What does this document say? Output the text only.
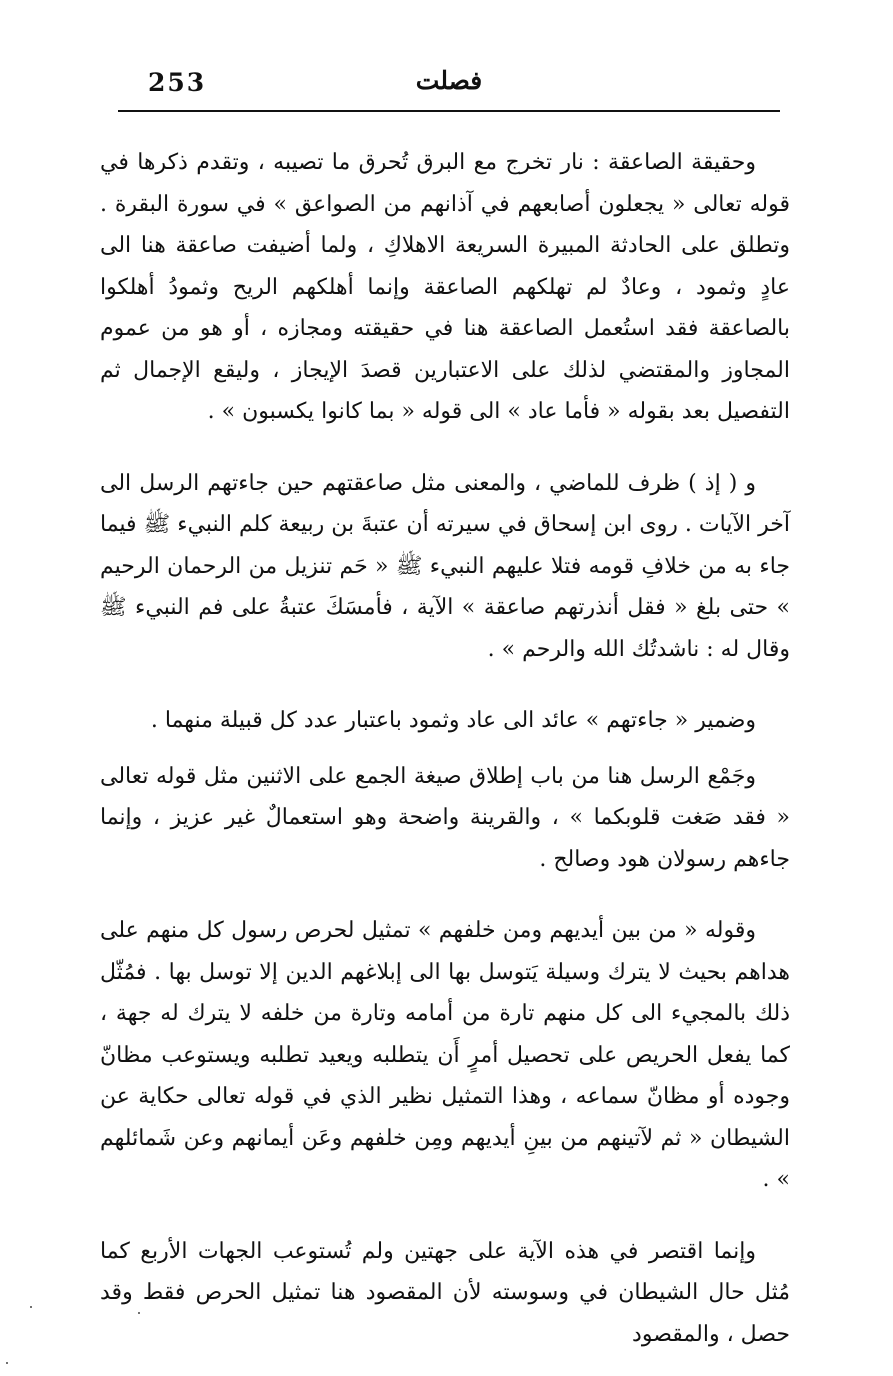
253	فصلت

وحقيقة الصاعقة : نار تخرج مع البرق تُحرق ما تصيبه ، وتقدم ذكرها في قوله تعالى « يجعلون أصابعهم في آذانهم من الصواعق » في سورة البقرة . وتطلق على الحادثة المبيرة السريعة الاهلاكِ ، ولما أضيفت صاعقة هنا الى عادٍ وثمود ، وعادٌ لم تهلكهم الصاعقة وإنما أهلكهم الريح وثمودُ أهلكوا بالصاعقة فقد استُعمل الصاعقة هنا في حقيقته ومجازه ، أو هو من عموم المجاوز والمقتضي لذلك على الاعتبارين قصدَ الإيجاز ، وليقع الإجمال ثم التفصيل بعد بقوله « فأما عاد » الى قوله « بما كانوا يكسبون » .

و ( إذ ) ظرف للماضي ، والمعنى مثل صاعقتهم حين جاءتهم الرسل الى آخر الآيات . روى ابن إسحاق في سيرته أن عتبةَ بن ربيعة كلم النبيء ﷺ فيما جاء به من خلافِ قومه فتلا عليهم النبيء ﷺ « حَم تنزيل من الرحمان الرحيم » حتى بلغ « فقل أنذرتهم صاعقة » الآية ، فأمسَكَ عتبةُ على فم النبيء ﷺ وقال له : ناشدتُك الله والرحم » .

وضمير « جاءتهم » عائد الى عاد وثمود باعتبار عدد كل قبيلة منهما .

وجَمْع الرسل هنا من باب إطلاق صيغة الجمع على الاثنين مثل قوله تعالى « فقد صَغت قلوبكما » ، والقرينة واضحة وهو استعمالٌ غير عزيز ، وإنما جاءهم رسولان هود وصالح .

وقوله « من بين أيديهم ومن خلفهم » تمثيل لحرص رسول كل منهم على هداهم بحيث لا يترك وسيلة يَتوسل بها الى إبلاغهم الدين إلا توسل بها . فمُثّل ذلك بالمجيء الى كل منهم تارة من أمامه وتارة من خلفه لا يترك له جهة ، كما يفعل الحريص على تحصيل أمرٍ أَن يتطلبه ويعيد تطلبه ويستوعب مظانّ وجوده أو مظانّ سماعه ، وهذا التمثيل نظير الذي في قوله تعالى حكاية عن الشيطان « ثم لآتينهم من بينِ أيديهم ومِن خلفهم وعَن أيمانهم وعن شَمائلهم » .

وإنما اقتصر في هذه الآية على جهتين ولم تُستوعب الجهات الأربع كما مُثل حال الشيطان في وسوسته لأن المقصود هنا تمثيل الحرص فقط وقد حصل ، والمقصود
